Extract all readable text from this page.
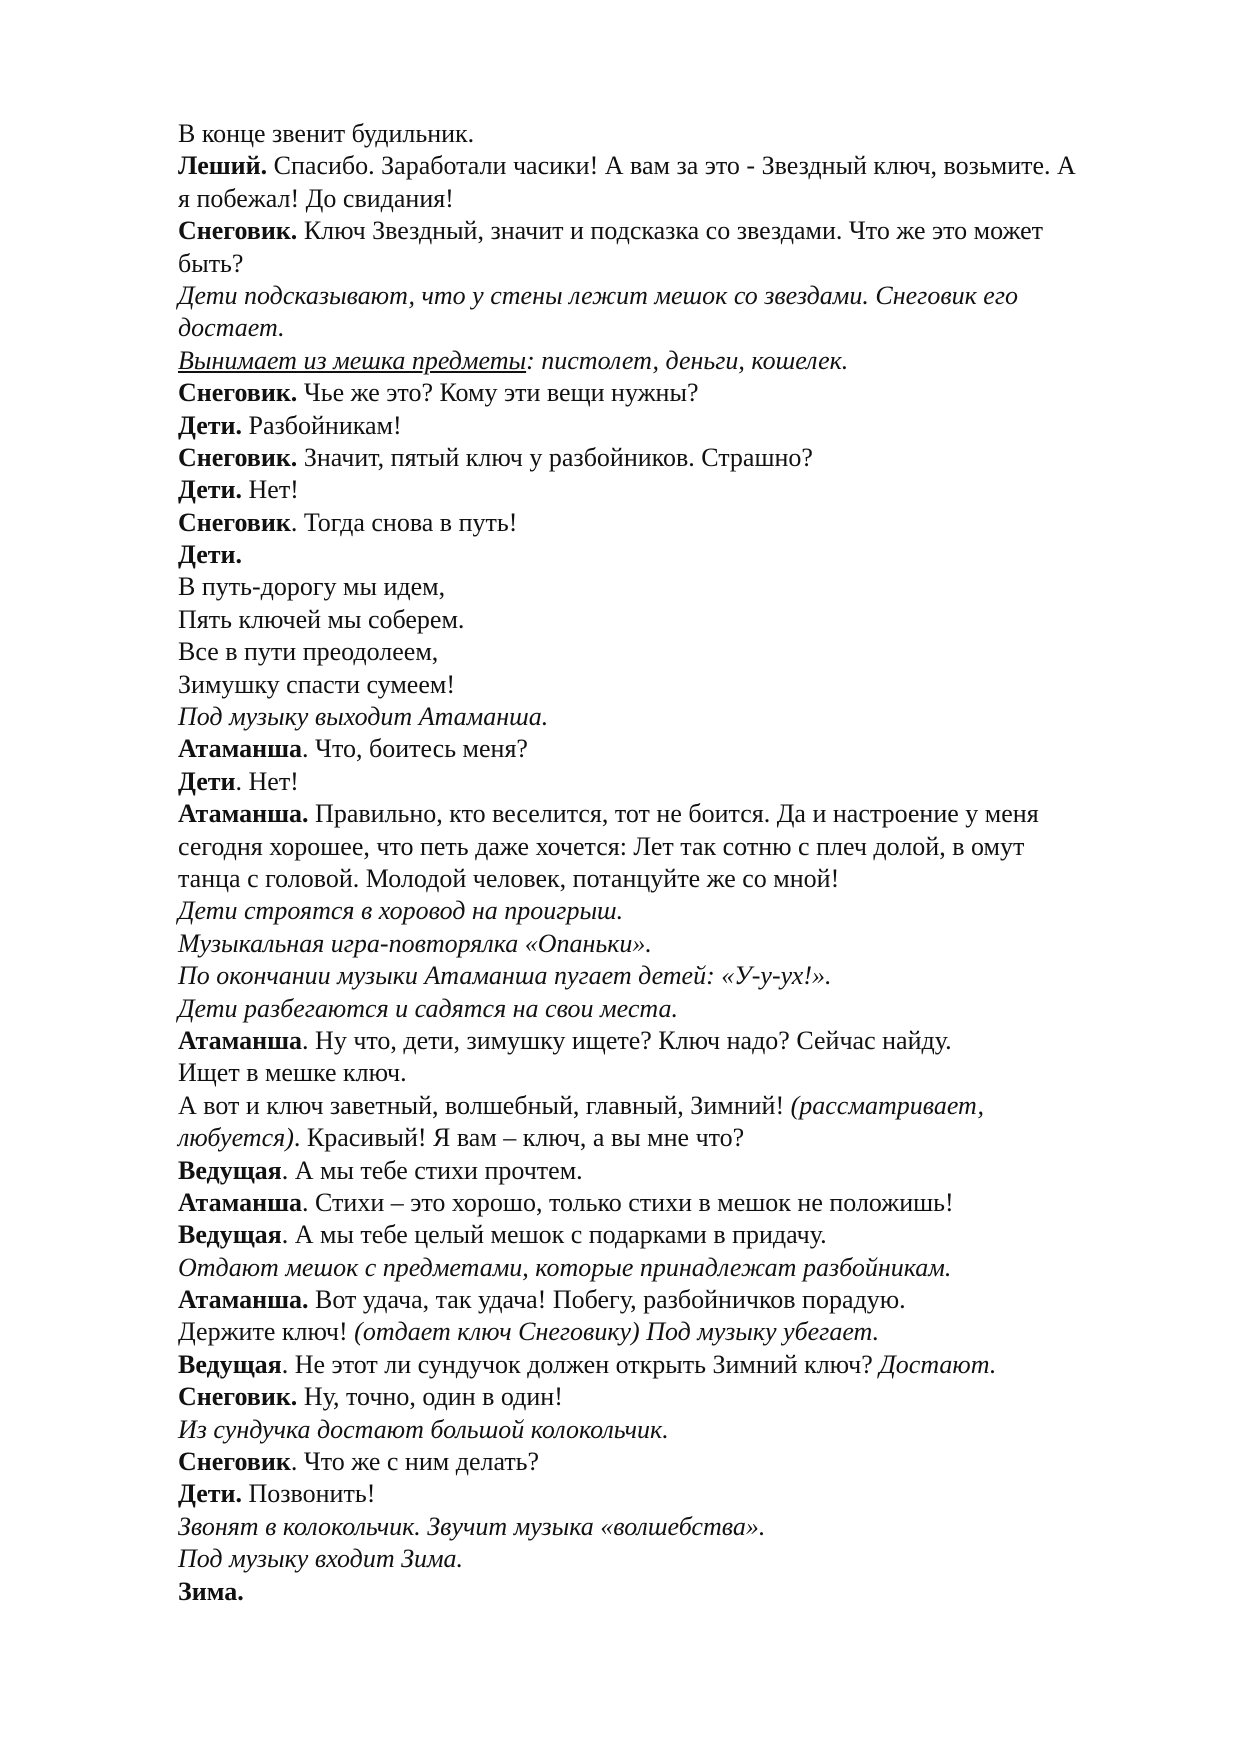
В конце звенит будильник.
Леший. Спасибо. Заработали часики! А вам за это - Звездный ключ, возьмите. А
я побежал! До свидания!
Снеговик. Ключ Звездный, значит и подсказка со звездами. Что же это может
быть?
Дети подсказывают, что у стены лежит мешок со звездами. Снеговик его
достает.
Вынимает из мешка предметы: пистолет, деньги, кошелек.
Снеговик. Чье же это? Кому эти вещи нужны?
Дети. Разбойникам!
Снеговик. Значит, пятый ключ у разбойников. Страшно?
Дети. Нет!
Снеговик. Тогда снова в путь!
Дети.
В путь-дорогу мы идем,
Пять ключей мы соберем.
Все в пути преодолеем,
Зимушку спасти сумеем!
Под музыку выходит Атаманша.
Атаманша. Что, боитесь меня?
Дети. Нет!
Атаманша. Правильно, кто веселится, тот не боится. Да и настроение у меня
сегодня хорошее, что петь даже хочется: Лет так сотню с плеч долой, в омут
танца с головой. Молодой человек, потанцуйте же со мной!
Дети строятся в хоровод на проигрыш.
Музыкальная игра-повторялка «Опаньки».
По окончании музыки Атаманша пугает детей: «У-у-ух!».
Дети разбегаются и садятся на свои места.
Атаманша. Ну что, дети, зимушку ищете? Ключ надо? Сейчас найду.
Ищет в мешке ключ.
А вот и ключ заветный, волшебный, главный, Зимний! (рассматривает,
любуется). Красивый! Я вам – ключ, а вы мне что?
Ведущая. А мы тебе стихи прочтем.
Атаманша. Стихи – это хорошо, только стихи в мешок не положишь!
Ведущая. А мы тебе целый мешок с подарками в придачу.
Отдают мешок с предметами, которые принадлежат разбойникам.
Атаманша. Вот удача, так удача! Побегу, разбойничков порадую.
Держите ключ! (отдает ключ Снеговику) Под музыку убегает.
Ведущая. Не этот ли сундучок должен открыть Зимний ключ? Достают.
Снеговик. Ну, точно, один в один!
Из сундучка достают большой колокольчик.
Снеговик. Что же с ним делать?
Дети. Позвонить!
Звонят в колокольчик. Звучит музыка «волшебства».
Под музыку входит Зима.
Зима.
